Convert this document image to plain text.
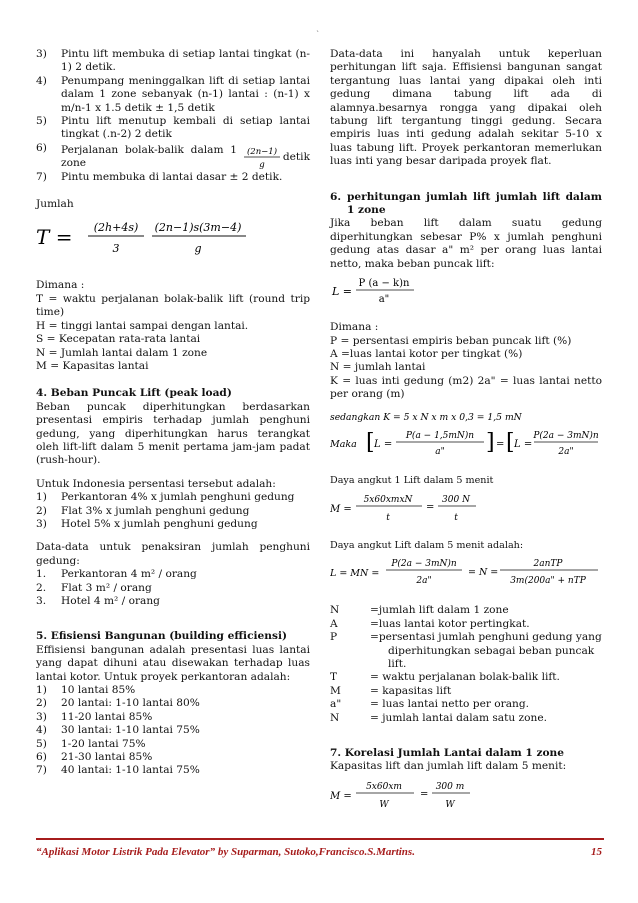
`
3) Pintu lift membuka di setiap lantai tingkat (n-1) 2 detik.
4) Penumpang meninggalkan lift di setiap lantai dalam 1 zone sebanyak (n-1) lantai : (n-1) x m/n-1 x 1.5 detik ± 1,5 detik
5) Pintu lift menutup kembali di setiap lantai tingkat (.n-2) 2 detik
6) Perjalanan bolak-balik dalam 1 zone
(2n−1)
g
detik
7) Pintu membuka di lantai dasar ± 2 detik.

Jumlah

T = (2h+4s)
3
(2n−1)s(3m−4)
g

Dimana :

T = waktu perjalanan bolak-balik lift (round trip time)

H = tinggi lantai sampai dengan lantai.

S = Kecepatan rata-rata lantai

N = Jumlah lantai dalam 1 zone

M = Kapasitas lantai

4. Beban Puncak Lift (peak load)

Beban puncak diperhitungkan berdasarkan presentasi empiris terhadap jumlah penghuni gedung, yang diperhitungkan harus terangkat oleh lift-lift dalam 5 menit pertama jam-jam padat (rush-hour).

Untuk Indonesia persentasi tersebut adalah:

1) Perkantoran 4% x jumlah penghuni gedung
2) Flat 3% x jumlah penghuni gedung
3) Hotel 5% x jumlah penghuni gedung

Data-data untuk penaksiran jumlah penghuni gedung:

1. Perkantoran 4 m² / orang
2. Flat 3 m² / orang
3. Hotel 4 m² / orang

5. Efisiensi Bangunan (building efficiensi)

Effisiensi bangunan adalah presentasi luas lantai yang dapat dihuni atau disewakan terhadap luas lantai kotor. Untuk proyek perkantoran adalah:

1) 10 lantai 85%
2) 20 lantai: 1-10 lantai 80%
3) 11-20 lantai 85%
4) 30 lantai: 1-10 lantai 75%
5) 1-20 lantai 75%
6) 21-30 lantai 85%
7) 40 lantai: 1-10 lantai 75%

Data-data ini hanyalah untuk keperluan perhitungan lift saja. Effisiensi bangunan sangat tergantung luas lantai yang dipakai oleh inti gedung dimana tabung lift ada di alamnya.besarnya rongga yang dipakai oleh tabung lift tergantung tinggi gedung. Secara empiris luas inti gedung adalah sekitar 5-10 x luas tabung lift. Proyek perkantoran memerlukan luas inti yang besar daripada proyek flat.

6. perhitungan jumlah lift jumlah lift dalam 1 zone

Jika beban lift dalam suatu gedung diperhitungkan sebesar P% x jumlah penghuni gedung atas dasar a" m² per orang luas lantai netto, maka beban puncak lift:

L =
P (a − k)n
a"

Dimana :

P = persentasi empiris beban puncak lift (%)

A =luas lantai kotor per tingkat (%)

N = jumlah lantai

K = luas inti gedung (m2) 2a" = luas lantai netto per orang (m)

sedangkan K = 5 x N x m x 0,3 = 1,5 mN
Maka [ L =
P(a − 1,5mN)n
a" ] = [ L =
P(2a − 3mN)n
2a"

Daya angkut 1 Lift dalam 5 menit

M =
5x60xmxN
t
=
300 N
t

Daya angkut Lift dalam 5 menit adalah:

L = MN =
P(2a − 3mN)n
2a"
= N =
2anTP
3m(200a" + nTP
N	=jumlah lift dalam 1 zone
A	=luas lantai kotor pertingkat.
P	=persentasi jumlah penghuni gedung yang
diperhitungkan sebagai beban puncak lift.
T	= waktu perjalanan bolak-balik lift.
M	= kapasitas lift
a"	= luas lantai netto per orang.
N	= jumlah lantai dalam satu zone.

7. Korelasi Jumlah Lantai dalam 1 zone

Kapasitas lift dan jumlah lift dalam 5 menit:

M =
5x60xm
W
=
300 m
W
“Aplikasi Motor Listrik Pada Elevator” by Suparman, Sutoko,Francisco.S.Martins.	15
